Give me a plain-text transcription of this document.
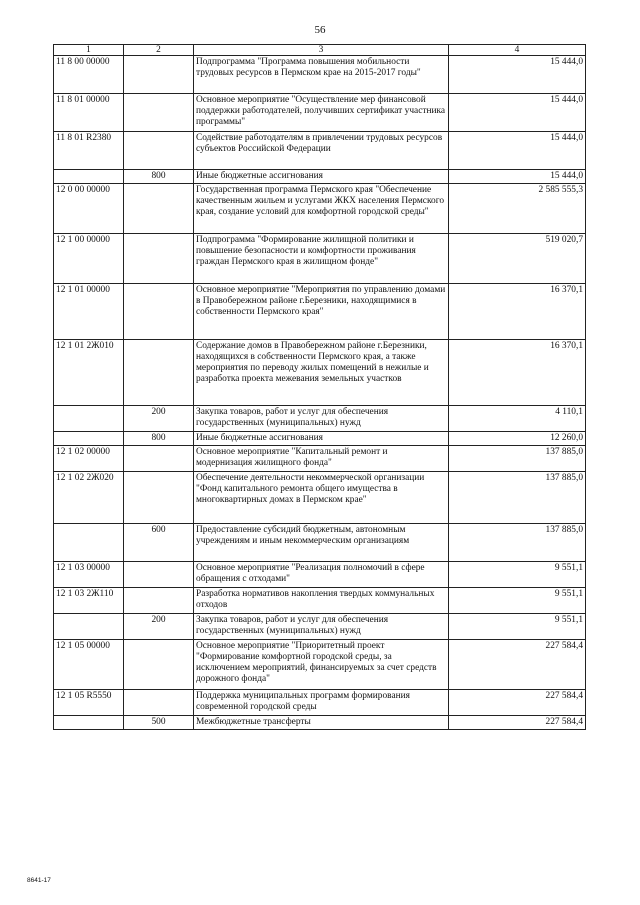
56
1	2	3	4
11 8 00 00000		Подпрограмма "Программа повышения мобильности трудовых ресурсов в Пермском крае на 2015-2017 годы"	15 444,0
11 8 01 00000		Основное мероприятие "Осуществление мер финансовой поддержки работодателей, получивших сертификат участника программы"	15 444,0
11 8 01 R2380		Содействие работодателям в привлечении трудовых ресурсов субъектов Российской Федерации	15 444,0
	800	Иные бюджетные ассигнования	15 444,0
12 0 00 00000		Государственная программа Пермского края "Обеспечение качественным жильем и услугами ЖКХ населения Пермского края, создание условий для комфортной городской среды"	2 585 555,3
12 1 00 00000		Подпрограмма "Формирование жилищной политики и повышение безопасности и комфортности проживания граждан Пермского края в жилищном фонде"	519 020,7
12 1 01 00000		Основное мероприятие "Мероприятия по управлению домами в Правобережном районе г.Березники, находящимися в собственности Пермского края"	16 370,1
12 1 01 2Ж010		Содержание домов в Правобережном районе г.Березники, находящихся в собственности Пермского края, а также мероприятия по переводу жилых помещений в нежилые и разработка проекта межевания земельных участков	16 370,1
	200	Закупка товаров, работ и услуг для обеспечения государственных (муниципальных) нужд	4 110,1
	800	Иные бюджетные ассигнования	12 260,0
12 1 02 00000		Основное мероприятие "Капитальный ремонт и модернизация жилищного фонда"	137 885,0
12 1 02 2Ж020		Обеспечение деятельности некоммерческой организации "Фонд капитального ремонта общего имущества в многоквартирных домах в Пермском крае"	137 885,0
	600	Предоставление субсидий бюджетным, автономным учреждениям и иным некоммерческим организациям	137 885,0
12 1 03 00000		Основное мероприятие "Реализация полномочий в сфере обращения с отходами"	9 551,1
12 1 03 2Ж110		Разработка нормативов накопления твердых коммунальных отходов	9 551,1
	200	Закупка товаров, работ и услуг для обеспечения государственных (муниципальных) нужд	9 551,1
12 1 05 00000		Основное мероприятие "Приоритетный проект "Формирование комфортной городской среды, за исключением мероприятий, финансируемых за счет средств дорожного фонда"	227 584,4
12 1 05 R5550		Поддержка муниципальных программ формирования современной городской среды	227 584,4
	500	Межбюджетные трансферты	227 584,4
8641-17
